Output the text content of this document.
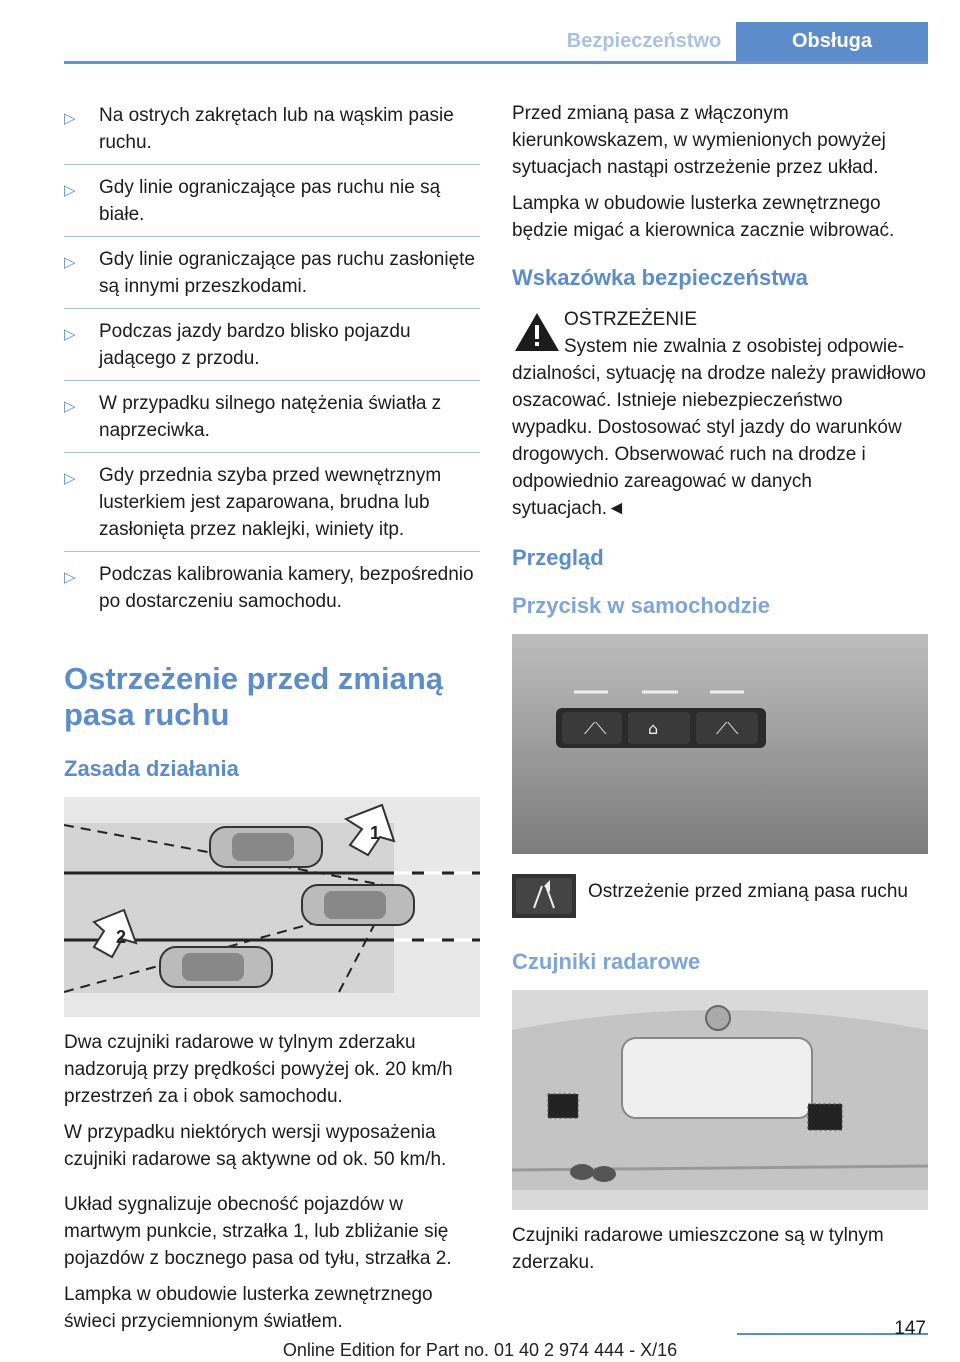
Bezpieczeństwo	Obsługa
▷ Na ostrych zakrętach lub na wąskim pasie ruchu.
▷ Gdy linie ograniczające pas ruchu nie są białe.
▷ Gdy linie ograniczające pas ruchu zasłonięte są innymi przeszkodami.
▷ Podczas jazdy bardzo blisko pojazdu jadącego z przodu.
▷ W przypadku silnego natężenia światła z naprzeciwka.
▷ Gdy przednia szyba przed wewnętrznym lusterkiem jest zaparowana, brudna lub zasłonięta przez naklejki, winiety itp.
▷ Podczas kalibrowania kamery, bezpośrednio po dostarczeniu samochodu.
Ostrzeżenie przed zmianą pasa ruchu
Zasada działania
1
2

Dwa czujniki radarowe w tylnym zderzaku nadzorują przy prędkości powyżej ok. 20 km/h przestrzeń za i obok samochodu.

W przypadku niektórych wersji wyposażenia czujniki radarowe są aktywne od ok. 50 km/h.

Układ sygnalizuje obecność pojazdów w martwym punkcie, strzałka 1, lub zbliżanie się pojazdów z bocznego pasa od tyłu, strzałka 2.

Lampka w obudowie lusterka zewnętrznego świeci przyciemnionym światłem.

Przed zmianą pasa z włączonym kierunkowskazem, w wymienionych powyżej sytuacjach nastąpi ostrzeżenie przez układ.

Lampka w obudowie lusterka zewnętrznego będzie migać a kierownica zacznie wibrować.

Wskazówka bezpieczeństwa
OSTRZEŻENIE
System nie zwalnia z osobistej odpowie-
dzialności, sytuację na drodze należy prawidłowo oszacować. Istnieje niebezpieczeństwo wypadku. Dostosować styl jazdy do warunków drogowych. Obserwować ruch na drodze i odpowiednio zareagować w danych sytuacjach.◄
Przegląd
Przycisk w samochodzie
⟋⟍	⌂	⟋⟍
Ostrzeżenie przed zmianą pasa ruchu
Czujniki radarowe

Czujniki radarowe umieszczone są w tylnym zderzaku.

147
Online Edition for Part no. 01 40 2 974 444 - X/16
